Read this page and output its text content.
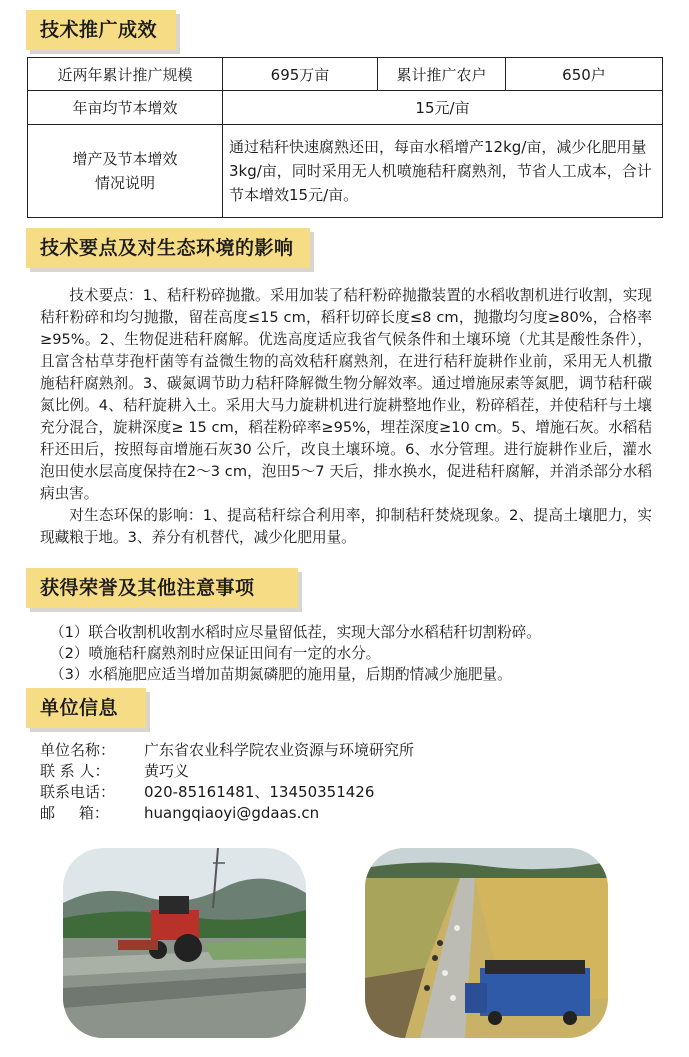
技术推广成效
近两年累计推广规模	695万亩	累计推广农户	650户
年亩均节本增效	15元/亩		

增产及节本增效
情况说明	通过秸秆快速腐熟还田，每亩水稻增产12kg/亩，减少化肥用量3kg/亩，同时采用无人机喷施秸秆腐熟剂，节省人工成本，合计节本增效15元/亩。		
技术要点及对生态环境的影响

技术要点：1、秸秆粉碎抛撒。采用加装了秸秆粉碎抛撒装置的水稻收割机进行收割，实现秸秆粉碎和均匀抛撒，留茬高度≤15 cm，稻秆切碎长度≤8 cm，抛撒均匀度≥80%，合格率≥95%。2、生物促进秸秆腐解。优选高度适应我省气候条件和土壤环境（尤其是酸性条件），且富含枯草芽孢杆菌等有益微生物的高效秸秆腐熟剂，在进行秸秆旋耕作业前，采用无人机撒施秸秆腐熟剂。3、碳氮调节助力秸秆降解微生物分解效率。通过增施尿素等氮肥，调节秸秆碳氮比例。4、秸秆旋耕入土。采用大马力旋耕机进行旋耕整地作业，粉碎稻茬，并使秸秆与土壤充分混合，旋耕深度≥ 15 cm，稻茬粉碎率≥95%，埋茬深度≥10 cm。5、增施石灰。水稻秸秆还田后，按照每亩增施石灰30 公斤，改良土壤环境。6、水分管理。进行旋耕作业后，灌水泡田使水层高度保持在2～3 cm，泡田5～7 天后，排水换水，促进秸秆腐解，并消杀部分水稻病虫害。

对生态环保的影响：1、提高秸秆综合利用率，抑制秸秆焚烧现象。2、提高土壤肥力，实现藏粮于地。3、养分有机替代，减少化肥用量。

获得荣誉及其他注意事项
（1）联合收割机收割水稻时应尽量留低茬，实现大部分水稻秸秆切割粉碎。
（2）喷施秸秆腐熟剂时应保证田间有一定的水分。
（3）水稻施肥应适当增加苗期氮磷肥的施用量，后期酌情减少施肥量。
单位信息
单位名称：	广东省农业科学院农业资源与环境研究所
联 系 人：	黄巧义
联系电话：	020-85161481、13450351426
邮     箱：	huangqiaoyi@gdaas.cn
